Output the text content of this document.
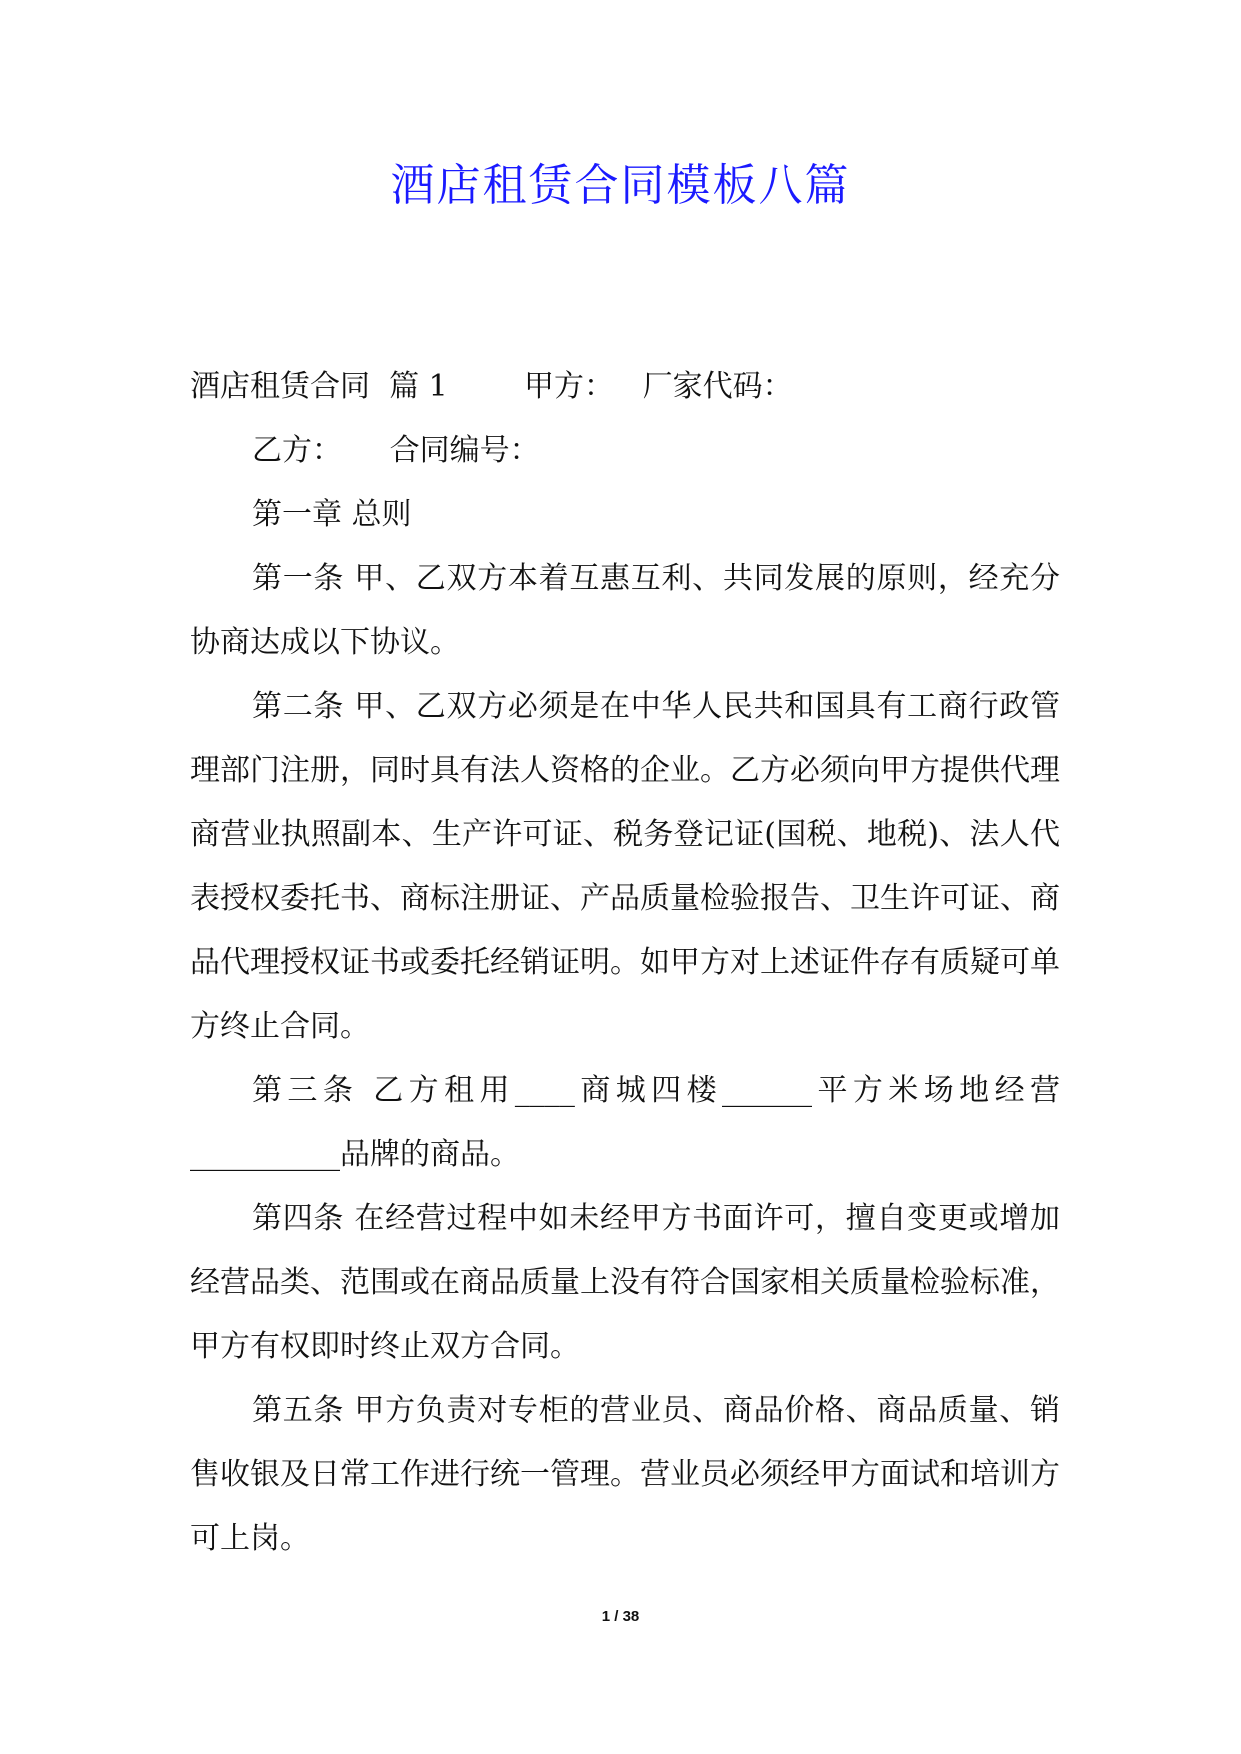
酒店租赁合同模板八篇

酒店租赁合同  篇 1        甲方：   厂家代码：

乙方：     合同编号：

第一章 总则

第一条 甲、乙双方本着互惠互利、共同发展的原则，经充分协商达成以下协议。

第二条 甲、乙双方必须是在中华人民共和国具有工商行政管理部门注册，同时具有法人资格的企业。乙方必须向甲方提供代理商营业执照副本、生产许可证、税务登记证(国税、地税)、法人代表授权委托书、商标注册证、产品质量检验报告、卫生许可证、商品代理授权证书或委托经销证明。如甲方对上述证件存有质疑可单方终止合同。

第三条 乙方租用____商城四楼______平方米场地经营__________品牌的商品。

第四条 在经营过程中如未经甲方书面许可，擅自变更或增加经营品类、范围或在商品质量上没有符合国家相关质量检验标准，甲方有权即时终止双方合同。

第五条 甲方负责对专柜的营业员、商品价格、商品质量、销售收银及日常工作进行统一管理。营业员必须经甲方面试和培训方可上岗。

1 / 38
